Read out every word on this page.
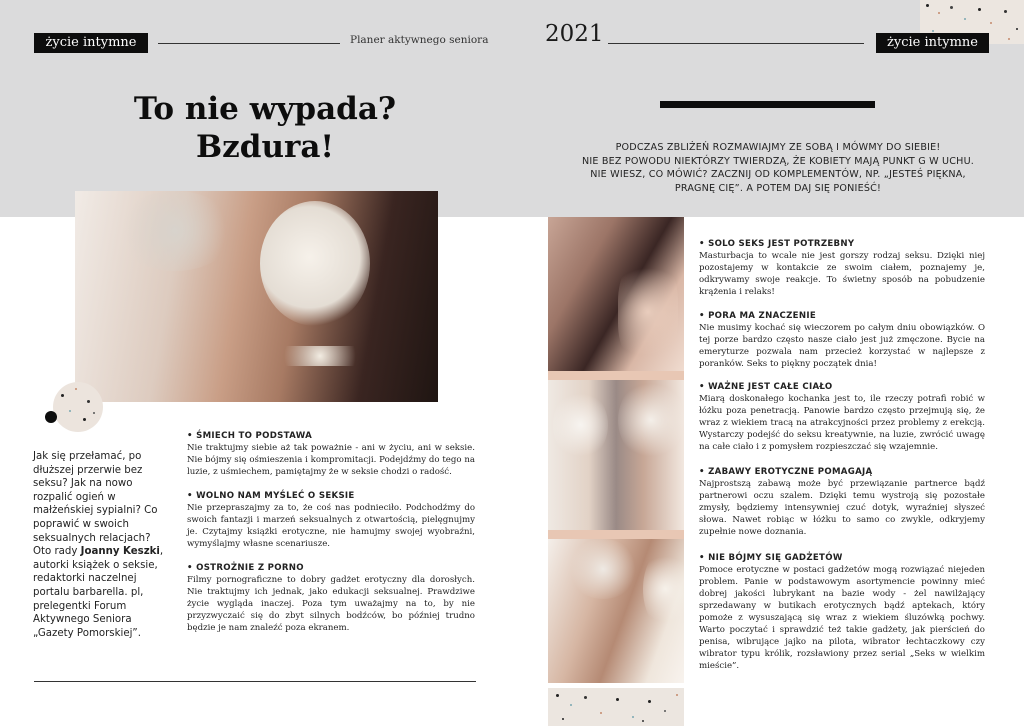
życie intymne	Planer aktywnego seniora 2021	życie intymne
To nie wypada?
Bzdura!	PODCZAS ZBLIŻEŃ ROZMAWIAJMY ZE SOBĄ I MÓWMY DO SIEBIE!
NIE BEZ POWODU NIEKTÓRZY TWIERDZĄ, ŻE KOBIETY MAJĄ PUNKT G W UCHU.
NIE WIESZ, CO MÓWIĆ? ZACZNIJ OD KOMPLEMENTÓW, NP. „JESTEŚ PIĘKNA,
PRAGNĘ CIĘ”. A POTEM DAJ SIĘ PONIEŚĆ!
Jak się przełamać, po dłuższej przerwie bez seksu? Jak na nowo rozpalić ogień w małżeńskiej sypialni? Co poprawić w swoich seksualnych relacjach? Oto rady Joanny Keszki, autorki książek o seksie, redaktorki naczelnej portalu barbarella. pl, prelegentki Forum Aktywnego Seniora „Gazety Pomorskiej”.
• ŚMIECH TO PODSTAWA

Nie traktujmy siebie aż tak poważnie - ani w życiu, ani w seksie. Nie bójmy się ośmieszenia i kompromitacji. Podejdźmy do tego na luzie, z uśmiechem, pamiętajmy że w seksie chodzi o radość.

• WOLNO NAM MYŚLEĆ O SEKSIE

Nie przepraszajmy za to, że coś nas podnieciło. Podchodźmy do swoich fantazji i marzeń seksualnych z otwartością, pielęgnujmy je. Czytajmy książki erotyczne, nie hamujmy swojej wyobraźni, wymyślajmy własne scenariusze.

• OSTROŻNIE Z PORNO

Filmy pornograficzne to dobry gadżet erotyczny dla dorosłych. Nie traktujmy ich jednak, jako edukacji seksualnej. Prawdziwe życie wygląda inaczej. Poza tym uważajmy na to, by nie przyzwyczaić się do zbyt silnych bodźców, bo później trudno będzie je nam znaleźć poza ekranem.

• SOLO SEKS JEST POTRZEBNY

Masturbacja to wcale nie jest gorszy rodzaj seksu. Dzięki niej pozostajemy w kontakcie ze swoim ciałem, poznajemy je, odkrywamy swoje reakcje. To świetny sposób na pobudzenie krążenia i relaks!

• PORA MA ZNACZENIE

Nie musimy kochać się wieczorem po całym dniu obowiązków. O tej porze bardzo często nasze ciało jest już zmęczone. Bycie na emeryturze pozwala nam przecież korzystać w najlepsze z poranków. Seks to piękny początek dnia!

• WAŻNE JEST CAŁE CIAŁO

Miarą doskonałego kochanka jest to, ile rzeczy potrafi robić w łóżku poza penetracją. Panowie bardzo często przejmują się, że wraz z wiekiem tracą na atrakcyjności przez problemy z erekcją. Wystarczy podejść do seksu kreatywnie, na luzie, zwrócić uwagę na całe ciało i z pomysłem rozpieszczać się wzajemnie.

• ZABAWY EROTYCZNE POMAGAJĄ

Najprostszą zabawą może być przewiązanie partnerce bądź partnerowi oczu szalem. Dzięki temu wystroją się pozostałe zmysły, będziemy intensywniej czuć dotyk, wyraźniej słyszeć słowa. Nawet robiąc w łóżku to samo co zwykle, odkryjemy zupełnie nowe doznania.

• NIE BÓJMY SIĘ GADŻETÓW

Pomoce erotyczne w postaci gadżetów mogą rozwiązać niejeden problem. Panie w podstawowym asortymencie powinny mieć dobrej jakości lubrykant na bazie wody - żel nawilżający sprzedawany w butikach erotycznych bądź aptekach, który pomoże z wysuszającą się wraz z wiekiem śluzówką pochwy. Warto poczytać i sprawdzić też takie gadżety, jak pierścień do penisa, wibrujące jajko na pilota, wibrator łechtaczkowy czy wibrator typu królik, rozsławiony przez serial „Seks w wielkim mieście”.
